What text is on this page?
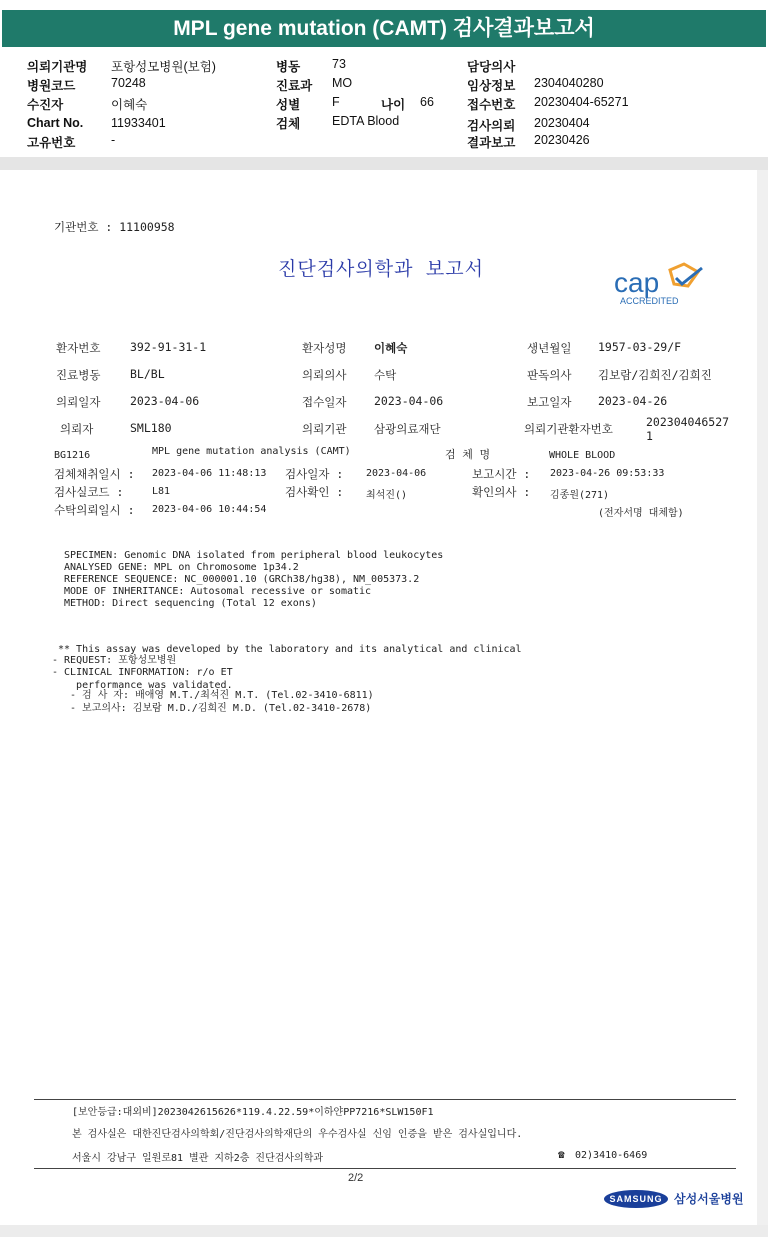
MPL gene mutation (CAMT) 검사결과보고서
의뢰기관명 포항성모병원(보험)
병원코드	70248
수진자	이혜숙
Chart No. 11933401
고유번호	-
병동	73
진료과 MO
성별	F	나이 66
검체	EDTA Blood
담당의사
임상정보 2304040280
접수번호 20230404-65271
검사의뢰 20230404
결과보고 20230426
기관번호 : 11100958
진단검사의학과 보고서	cap
ACCREDITED
환자번호	392-91-31-1	환자성명 이혜숙	생년월일 1957-03-29/F
진료병동	BL/BL	의뢰의사 수탁	판독의사 김보람/김희진/김희진
의뢰일자	2023-04-06	접수일자 2023-04-06	보고일자 2023-04-26
의뢰자	SML180	의뢰기관 삼광의료재단	의뢰기관환자번호	202304046527
1
BG1216	MPL gene mutation analysis (CAMT)	검 체 명	WHOLE BLOOD
검체채취일시 : 2023-04-06 11:48:13 검사일자 : 2023-04-06	보고시간 : 2023-04-26 09:53:33
검사실코드 :	L81	검사확인 : 최석진()	확인의사 : 김종원(271)
수탁의뢰일시 : 2023-04-06 10:44:54	(전자서명 대체함)
SPECIMEN: Genomic DNA isolated from peripheral blood leukocytes
ANALYSED GENE: MPL on Chromosome 1p34.2
REFERENCE SEQUENCE: NC_000001.10 (GRCh38/hg38), NM_005373.2
MODE OF INHERITANCE: Autosomal recessive or somatic
METHOD: Direct sequencing (Total 12 exons)

** This assay was developed by the laboratory and its analytical and clinical

performance was validated.

- REQUEST: 포항성모병원
- CLINICAL INFORMATION: r/o ET
- 검 사 자: 배애영 M.T./최석진 M.T. (Tel.02-3410-6811)
- 보고의사: 김보람 M.D./김희진 M.D. (Tel.02-3410-2678)
[보안등급:대외비]2023042615626*119.4.22.59*이하얀PP7216*SLW150F1
본 검사실은 대한진단검사의학회/진단검사의학재단의 우수검사실 신임 인증을 받은 검사실입니다.
서울시 강남구 일원로81 별관 지하2층 진단검사의학과	☎ 02)3410-6469
2/2
SAMSUNG 삼성서울병원
